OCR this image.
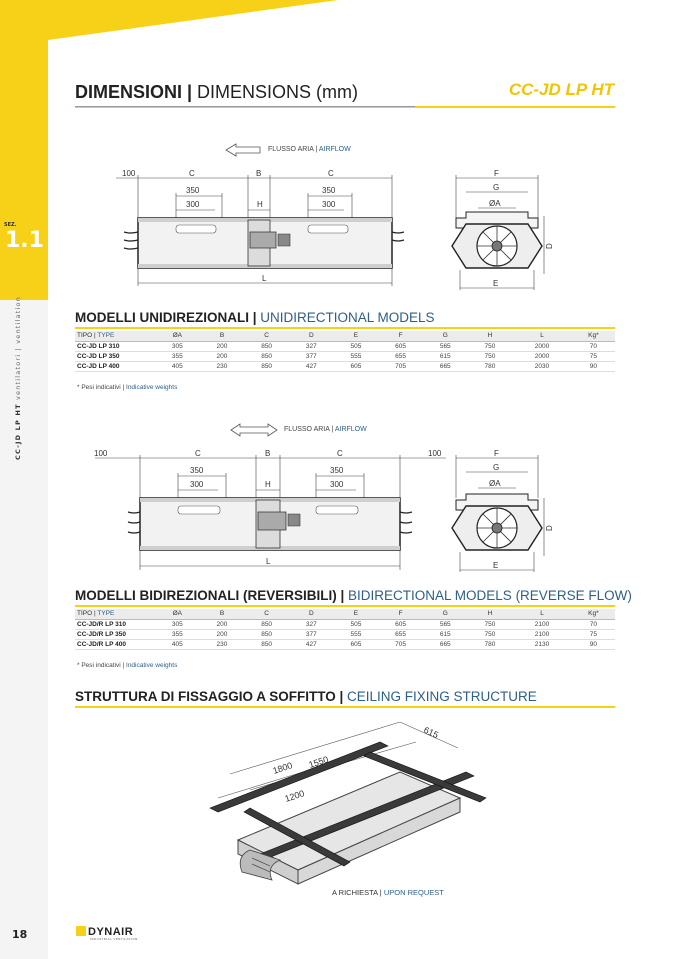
SEZ.
1.1
CC-JD LP HT ventilatori | ventilation
DIMENSIONI | DIMENSIONS (mm)	CC-JD LP HT
FLUSSO ARIA | AIRFLOW
100	C	B	C
350
300	H
350
300
L
F
G
ØA
D
E
MODELLI UNIDIREZIONALI | UNIDIRECTIONAL MODELS
TIPO | TYPE	ØA	B	C	D	E	F	G	H	L	Kg*
CC-JD LP 310	305	200	850	327	505	605	565	750	2000	70
CC-JD LP 350	355	200	850	377	555	655	615	750	2000	75
CC-JD LP 400	405	230	850	427	605	705	665	780	2030	90
* Pesi indicativi | Indicative weights
FLUSSO ARIA | AIRFLOW
100	C	B	C	100
350
300	H
350
300
L
F
G
ØA
D
E
MODELLI BIDIREZIONALI (REVERSIBILI) | BIDIRECTIONAL MODELS (REVERSE FLOW)
TIPO | TYPE	ØA	B	C	D	E	F	G	H	L	Kg*
CC-JD/R LP 310	305	200	850	327	505	605	565	750	2100	70
CC-JD/R LP 350	355	200	850	377	555	655	615	750	2100	75
CC-JD/R LP 400	405	230	850	427	605	705	665	780	2130	90
* Pesi indicativi | Indicative weights
STRUTTURA DI FISSAGGIO A SOFFITTO | CEILING FIXING STRUCTURE
615
1800 1550
1200
A RICHIESTA | UPON REQUEST
18	DYNAIR
INDUSTRIAL VENTILATION
